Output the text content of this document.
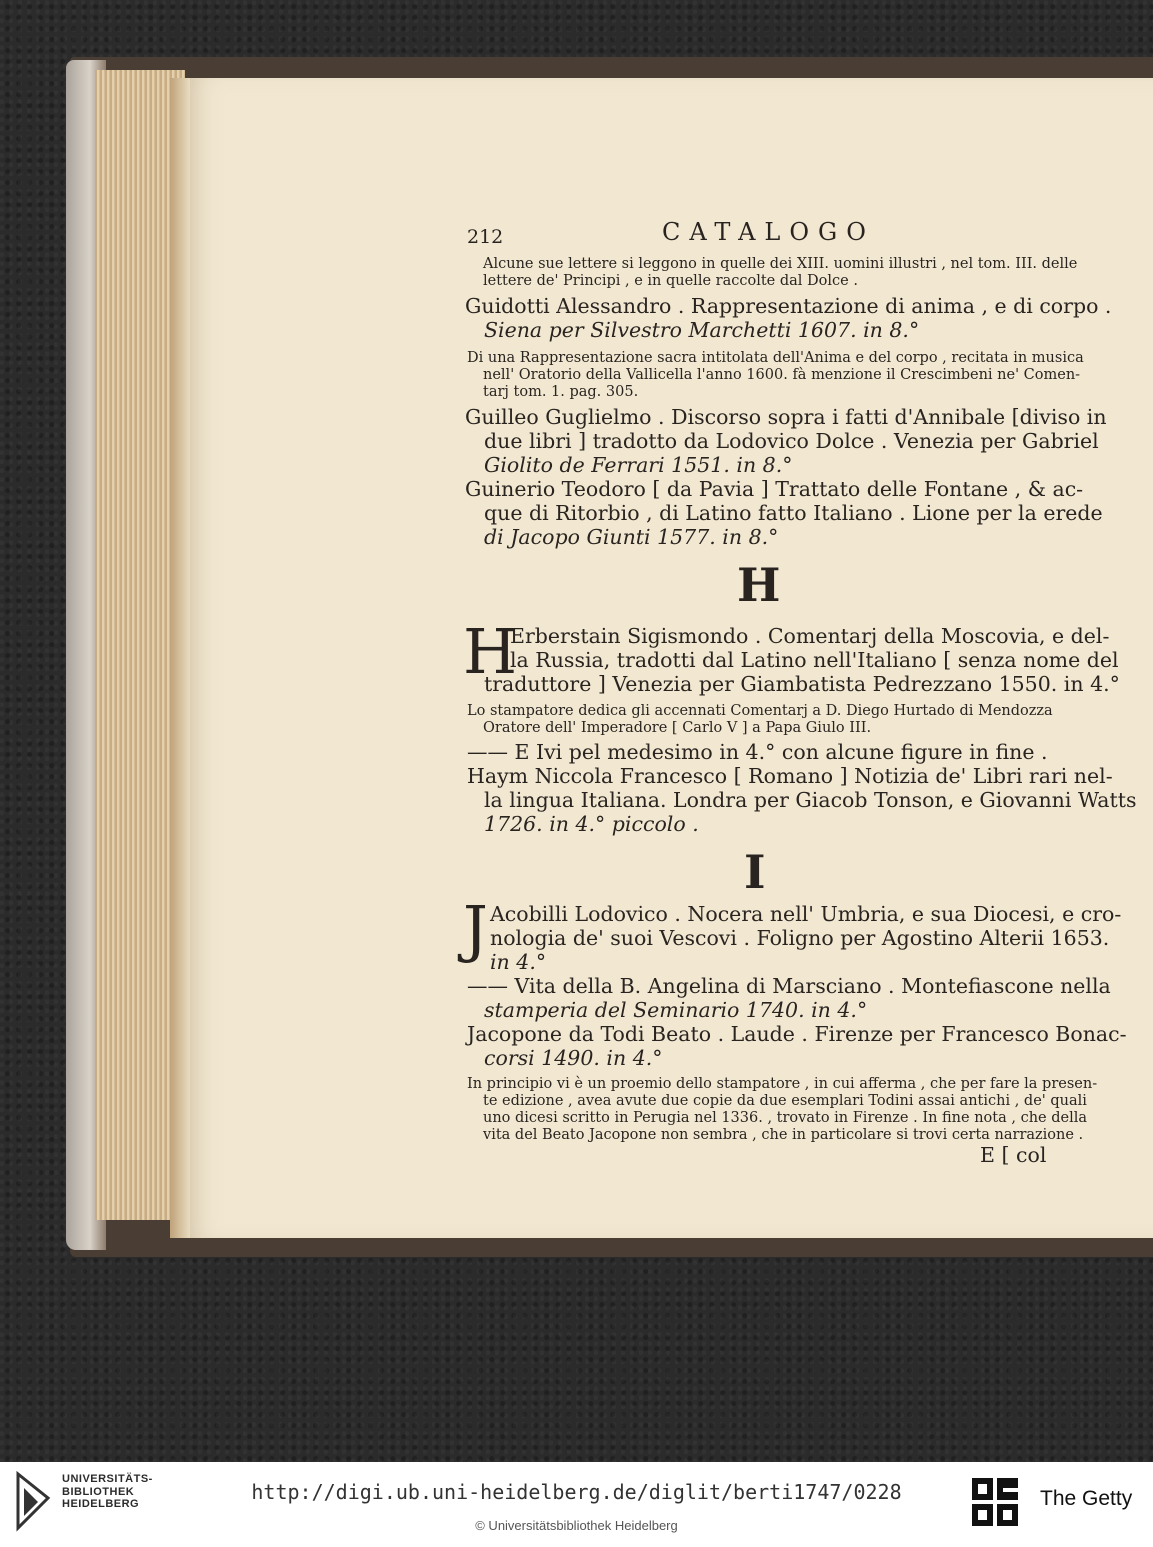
212	CATALOGO
Alcune sue lettere si leggono in quelle dei XIII. uomini illustri , nel tom. III. delle
lettere de' Principi , e in quelle raccolte dal Dolce .
Guidotti Alessandro . Rappresentazione di anima , e di corpo .
Siena per Silvestro Marchetti 1607. in 8.°
Di una Rappresentazione sacra intitolata dell'Anima e del corpo , recitata in musica
nell' Oratorio della Vallicella l'anno 1600. fà menzione il Crescimbeni ne' Comen-
tarj tom. 1. pag. 305.
Guilleo Guglielmo . Discorso sopra i fatti d'Annibale [diviso in
due libri ] tradotto da Lodovico Dolce . Venezia per Gabriel
Giolito de Ferrari 1551. in 8.°
Guinerio Teodoro [ da Pavia ] Trattato delle Fontane , & ac-
que di Ritorbio , di Latino fatto Italiano . Lione per la erede
di Jacopo Giunti 1577. in 8.°
H
H
Erberstain Sigismondo . Comentarj della Moscovia, e del-
la Russia, tradotti dal Latino nell'Italiano [ senza nome del
traduttore ] Venezia per Giambatista Pedrezzano 1550. in 4.°
Lo stampatore dedica gli accennati Comentarj a D. Diego Hurtado di Mendozza
Oratore dell' Imperadore [ Carlo V ] a Papa Giulo III.
—— E Ivi pel medesimo in 4.° con alcune figure in fine .
Haym Niccola Francesco [ Romano ] Notizia de' Libri rari nel-
la lingua Italiana. Londra per Giacob Tonson, e Giovanni Watts
1726. in 4.° piccolo .
I
J Acobilli Lodovico . Nocera nell' Umbria, e sua Diocesi, e cro-
nologia de' suoi Vescovi . Foligno per Agostino Alterii 1653.
in 4.°
—— Vita della B. Angelina di Marsciano . Montefiascone nella
stamperia del Seminario 1740. in 4.°
Jacopone da Todi Beato . Laude . Firenze per Francesco Bonac-
corsi 1490. in 4.°
In principio vi è un proemio dello stampatore , in cui afferma , che per fare la presen-
te edizione , avea avute due copie da due esemplari Todini assai antichi , de' quali
uno dicesi scritto in Perugia nel 1336. , trovato in Firenze . In fine nota , che della
vita del Beato Jacopone non sembra , che in particolare si trovi certa narrazione .
E [ col
UNIVERSITÄTS-
BIBLIOTHEK
HEIDELBERG	http://digi.ub.uni-heidelberg.de/diglit/berti1747/0228
© Universitätsbibliothek Heidelberg
The Getty
